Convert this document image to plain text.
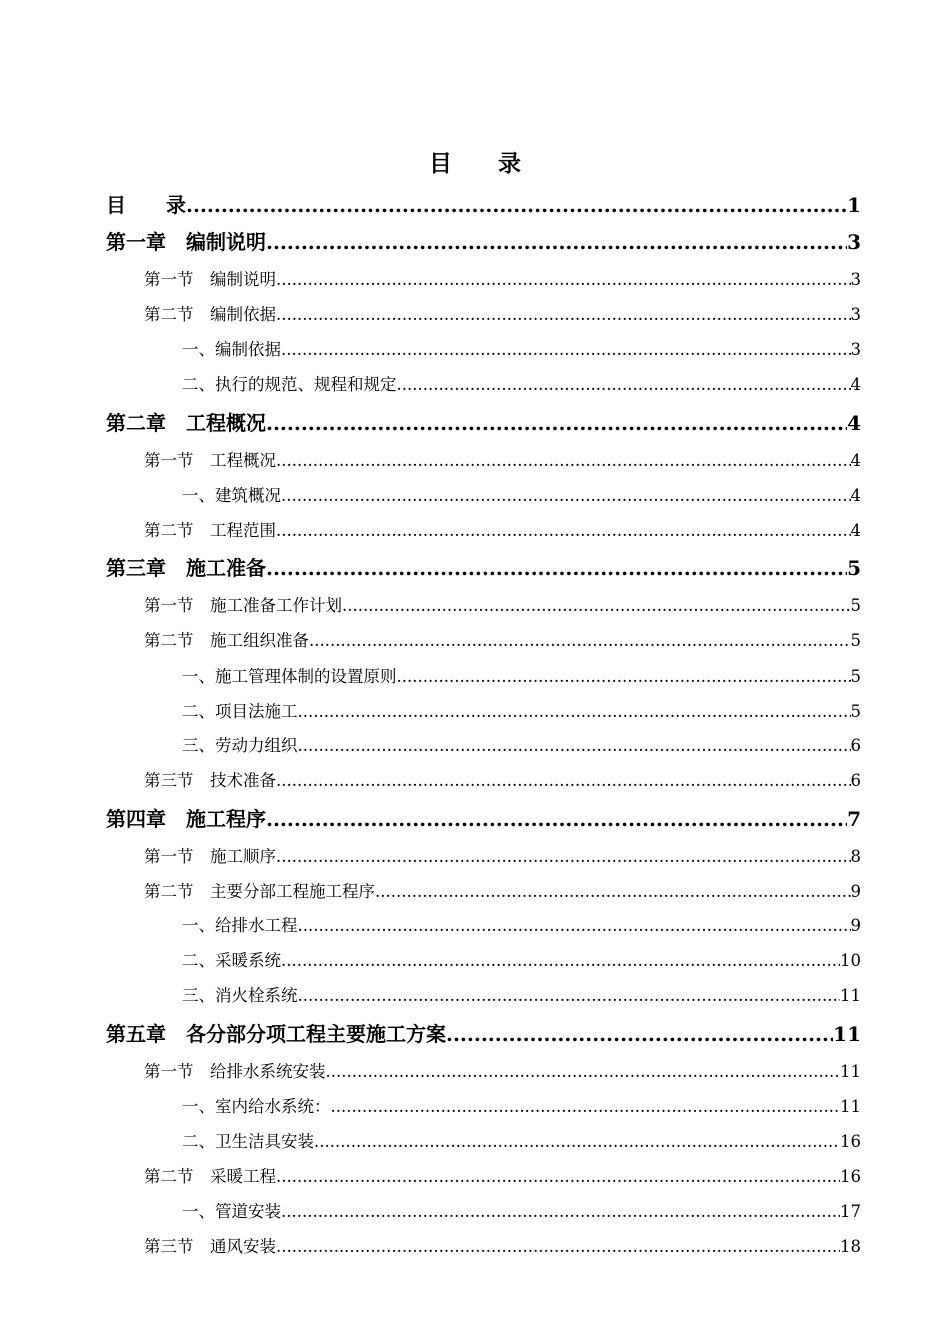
目　　录
目　　录 .....	1
第一章　编制说明 .....	3
第一节　编制说明 .....	3
第二节　编制依据 .....	3
一、编制依据 .....	3
二、执行的规范、规程和规定 .....	4
第二章　工程概况 .....	4
第一节　工程概况 .....	4
一、建筑概况 .....	4
第二节　工程范围 .....	4
第三章　施工准备 .....	5
第一节　施工准备工作计划 .....	5
第二节　施工组织准备 .....	5
一、施工管理体制的设置原则 .....	5
二、项目法施工 .....	5
三、劳动力组织 .....	6
第三节　技术准备 .....	6
第四章　施工程序 .....	7
第一节　施工顺序 .....	8
第二节　主要分部工程施工程序 .....	9
一、给排水工程 .....	9
二、采暖系统 .....	10
三、消火栓系统 .....	11
第五章　各分部分项工程主要施工方案 .....	11
第一节　给排水系统安装 .....	11
一、室内给水系统： .....	11
二、卫生洁具安装 .....	16
第二节　采暖工程 .....	16
一、管道安装 .....	17
第三节　通风安装 .....	18
